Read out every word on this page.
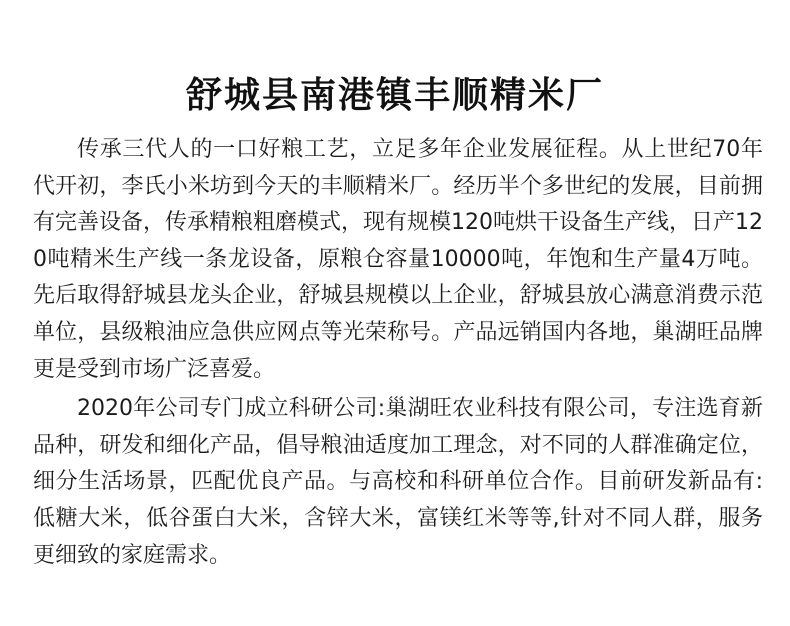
舒城县南港镇丰顺精米厂

传承三代人的一口好粮工艺，立足多年企业发展征程。从上世纪70年代开初，李氏小米坊到今天的丰顺精米厂。经历半个多世纪的发展，目前拥有完善设备，传承精粮粗磨模式，现有规模120吨烘干设备生产线，日产120吨精米生产线一条龙设备，原粮仓容量10000吨，年饱和生产量4万吨。先后取得舒城县龙头企业，舒城县规模以上企业，舒城县放心满意消费示范单位，县级粮油应急供应网点等光荣称号。产品远销国内各地，巢湖旺品牌更是受到市场广泛喜爱。

2020年公司专门成立科研公司:巢湖旺农业科技有限公司，专注选育新品种，研发和细化产品，倡导粮油适度加工理念，对不同的人群准确定位，细分生活场景，匹配优良产品。与高校和科研单位合作。目前研发新品有:低糖大米，低谷蛋白大米，含锌大米，富镁红米等等,针对不同人群，服务更细致的家庭需求。
